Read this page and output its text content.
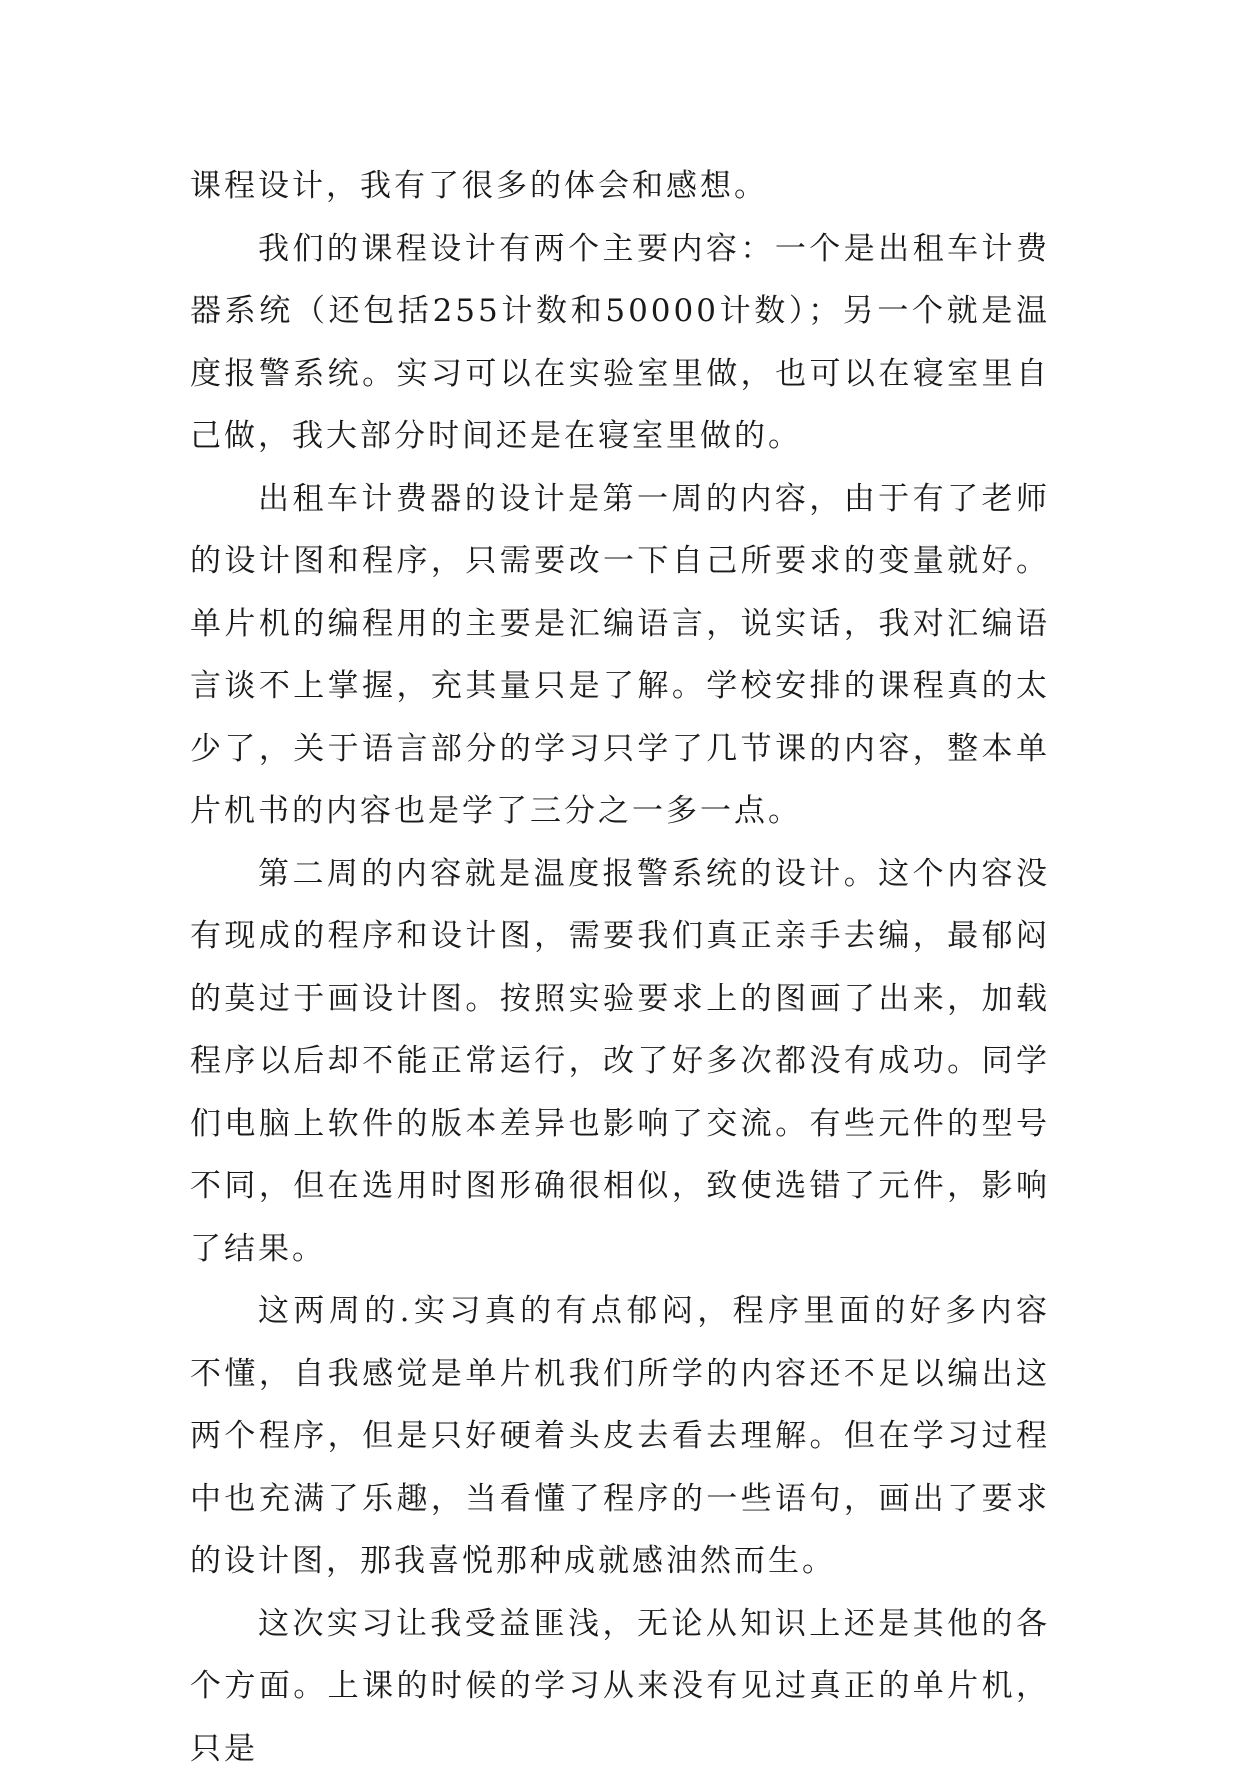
课程设计，我有了很多的体会和感想。

我们的课程设计有两个主要内容：一个是出租车计费器系统（还包括255计数和50000计数）；另一个就是温度报警系统。实习可以在实验室里做，也可以在寝室里自己做，我大部分时间还是在寝室里做的。

出租车计费器的设计是第一周的内容，由于有了老师的设计图和程序，只需要改一下自己所要求的变量就好。单片机的编程用的主要是汇编语言，说实话，我对汇编语言谈不上掌握，充其量只是了解。学校安排的课程真的太少了，关于语言部分的学习只学了几节课的内容，整本单片机书的内容也是学了三分之一多一点。

第二周的内容就是温度报警系统的设计。这个内容没有现成的程序和设计图，需要我们真正亲手去编，最郁闷的莫过于画设计图。按照实验要求上的图画了出来，加载程序以后却不能正常运行，改了好多次都没有成功。同学们电脑上软件的版本差异也影响了交流。有些元件的型号不同，但在选用时图形确很相似，致使选错了元件，影响了结果。

这两周的.实习真的有点郁闷，程序里面的好多内容不懂，自我感觉是单片机我们所学的内容还不足以编出这两个程序，但是只好硬着头皮去看去理解。但在学习过程中也充满了乐趣，当看懂了程序的一些语句，画出了要求的设计图，那我喜悦那种成就感油然而生。

这次实习让我受益匪浅，无论从知识上还是其他的各个方面。上课的时候的学习从来没有见过真正的单片机，只是
